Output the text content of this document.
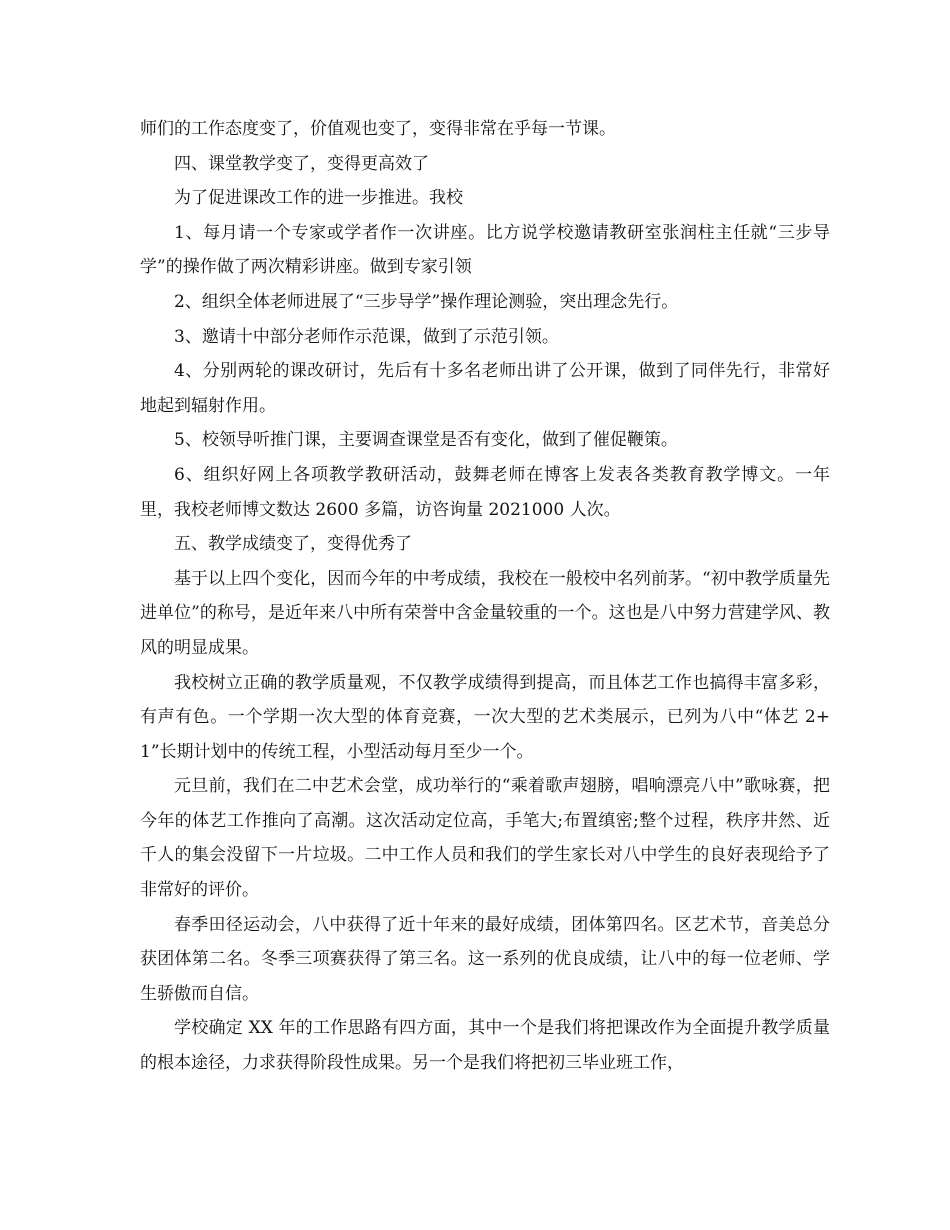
师们的工作态度变了，价值观也变了，变得非常在乎每一节课。

四、课堂教学变了，变得更高效了

为了促进课改工作的进一步推进。我校

1、每月请一个专家或学者作一次讲座。比方说学校邀请教研室张润柱主任就“三步导学”的操作做了两次精彩讲座。做到专家引领

2、组织全体老师进展了“三步导学”操作理论测验，突出理念先行。

3、邀请十中部分老师作示范课，做到了示范引领。

4、分别两轮的课改研讨，先后有十多名老师出讲了公开课，做到了同伴先行，非常好地起到辐射作用。

5、校领导听推门课，主要调查课堂是否有变化，做到了催促鞭策。

6、组织好网上各项教学教研活动，鼓舞老师在博客上发表各类教育教学博文。一年里，我校老师博文数达 2600 多篇，访咨询量 2021000 人次。

五、教学成绩变了，变得优秀了

基于以上四个变化，因而今年的中考成绩，我校在一般校中名列前茅。“初中教学质量先进单位”的称号，是近年来八中所有荣誉中含金量较重的一个。这也是八中努力营建学风、教风的明显成果。

我校树立正确的教学质量观，不仅教学成绩得到提高，而且体艺工作也搞得丰富多彩，有声有色。一个学期一次大型的体育竞赛，一次大型的艺术类展示，已列为八中“体艺 2+1”长期计划中的传统工程，小型活动每月至少一个。

元旦前，我们在二中艺术会堂，成功举行的“乘着歌声翅膀，唱响漂亮八中”歌咏赛，把今年的体艺工作推向了高潮。这次活动定位高，手笔大;布置缜密;整个过程，秩序井然、近千人的集会没留下一片垃圾。二中工作人员和我们的学生家长对八中学生的良好表现给予了非常好的评价。

春季田径运动会，八中获得了近十年来的最好成绩，团体第四名。区艺术节，音美总分获团体第二名。冬季三项赛获得了第三名。这一系列的优良成绩，让八中的每一位老师、学生骄傲而自信。

学校确定 XX 年的工作思路有四方面，其中一个是我们将把课改作为全面提升教学质量的根本途径，力求获得阶段性成果。另一个是我们将把初三毕业班工作，
